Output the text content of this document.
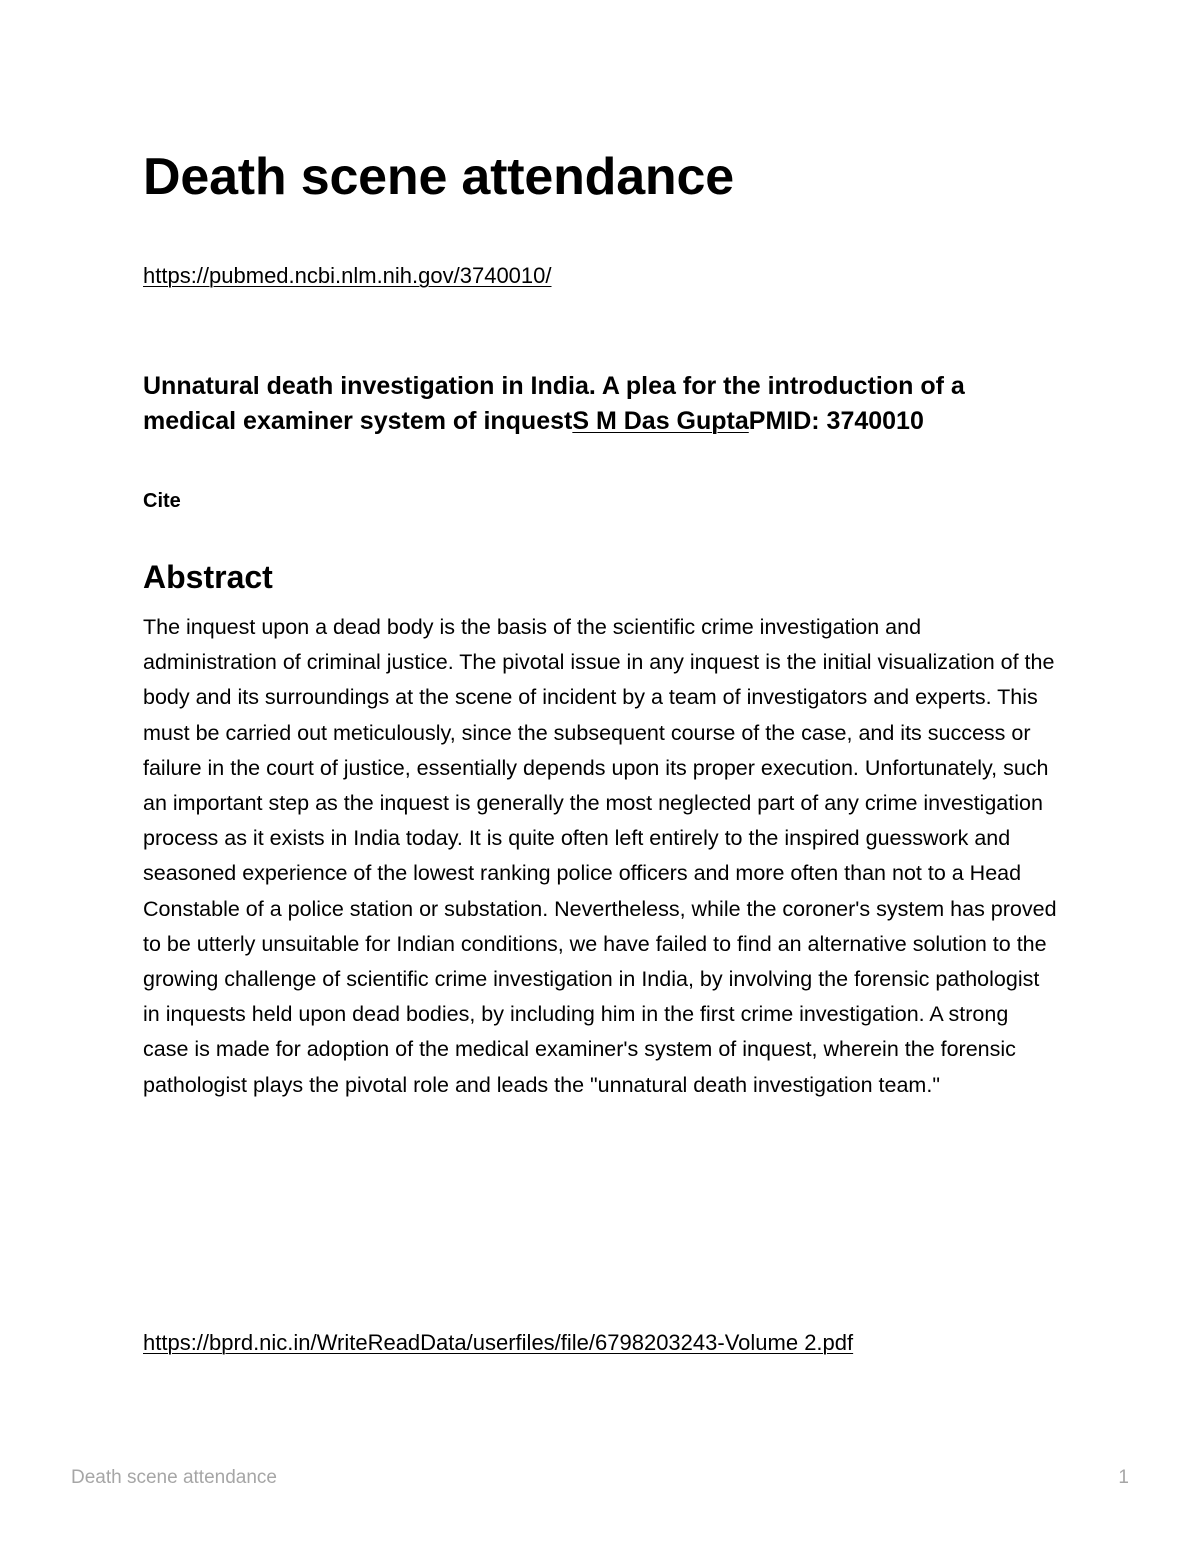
Death scene attendance
https://pubmed.ncbi.nlm.nih.gov/3740010/
Unnatural death investigation in India. A plea for the introduction of a medical examiner system of inquestS M Das GuptaPMID: 3740010
Cite
Abstract

The inquest upon a dead body is the basis of the scientific crime investigation and administration of criminal justice. The pivotal issue in any inquest is the initial visualization of the body and its surroundings at the scene of incident by a team of investigators and experts. This must be carried out meticulously, since the subsequent course of the case, and its success or failure in the court of justice, essentially depends upon its proper execution. Unfortunately, such an important step as the inquest is generally the most neglected part of any crime investigation process as it exists in India today. It is quite often left entirely to the inspired guesswork and seasoned experience of the lowest ranking police officers and more often than not to a Head Constable of a police station or substation. Nevertheless, while the coroner's system has proved to be utterly unsuitable for Indian conditions, we have failed to find an alternative solution to the growing challenge of scientific crime investigation in India, by involving the forensic pathologist in inquests held upon dead bodies, by including him in the first crime investigation. A strong case is made for adoption of the medical examiner's system of inquest, wherein the forensic pathologist plays the pivotal role and leads the "unnatural death investigation team."

https://bprd.nic.in/WriteReadData/userfiles/file/6798203243-Volume 2.pdf
Death scene attendance	1
